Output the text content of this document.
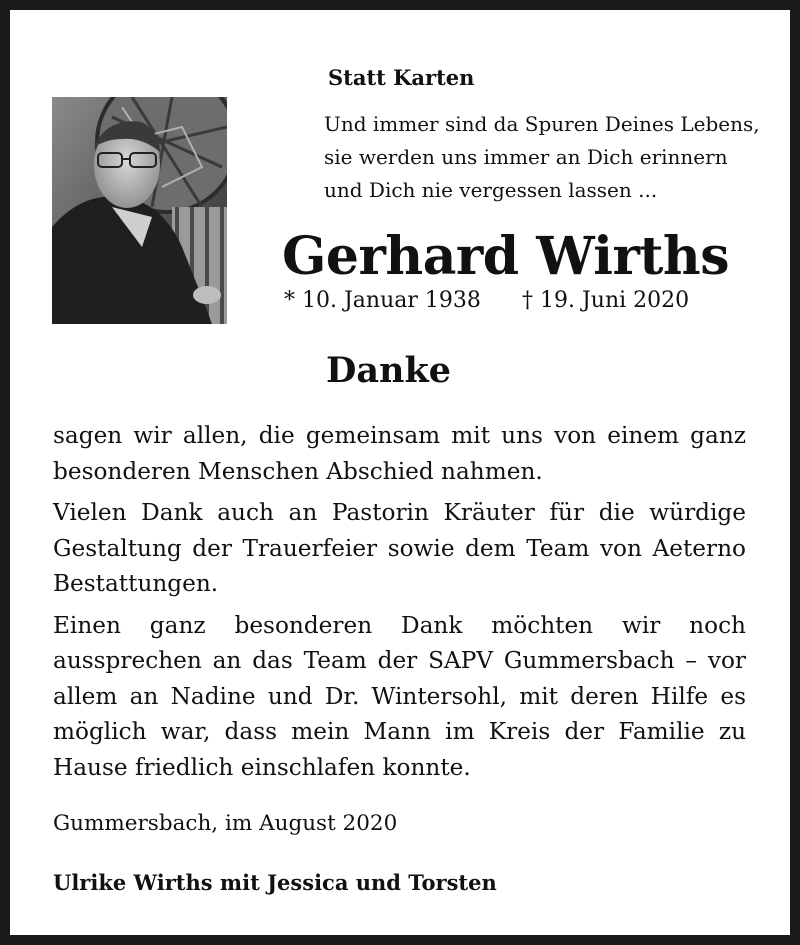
Statt Karten
Und immer sind da Spuren Deines Lebens,
sie werden uns immer an Dich erinnern
und Dich nie vergessen lassen ...
Gerhard Wirths
* 10. Januar 1938 † 19. Juni 2020
Danke

sagen wir allen, die gemeinsam mit uns von einem ganz besonderen Menschen Abschied nahmen.

Vielen Dank auch an Pastorin Kräuter für die würdige Gestaltung der Trauerfeier sowie dem Team von Aeterno Bestattungen.

Einen ganz besonderen Dank möchten wir noch aussprechen an das Team der SAPV Gummersbach – vor allem an Nadine und Dr. Wintersohl, mit deren Hilfe es möglich war, dass mein Mann im Kreis der Familie zu Hause friedlich einschlafen konnte.

Gummersbach, im August 2020
Ulrike Wirths mit Jessica und Torsten
